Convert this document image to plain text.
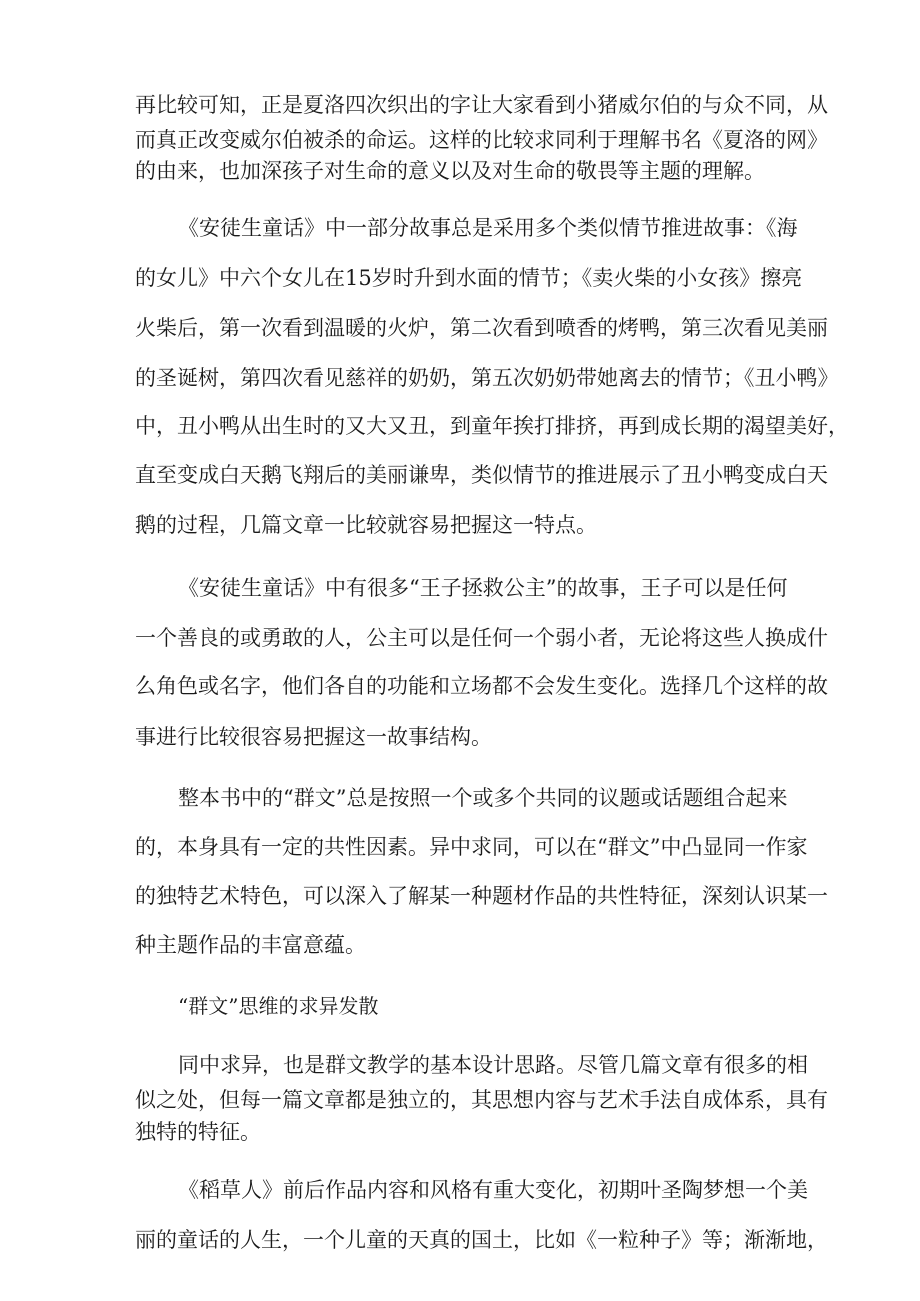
再比较可知，正是夏洛四次织出的字让大家看到小猪威尔伯的与众不同，从
而真正改变威尔伯被杀的命运。这样的比较求同利于理解书名《夏洛的网》
的由来，也加深孩子对生命的意义以及对生命的敬畏等主题的理解。
《安徒生童话》中一部分故事总是采用多个类似情节推进故事：《海
的女儿》中六个女儿在15岁时升到水面的情节；《卖火柴的小女孩》擦亮
火柴后，第一次看到温暖的火炉，第二次看到喷香的烤鸭，第三次看见美丽
的圣诞树，第四次看见慈祥的奶奶，第五次奶奶带她离去的情节；《丑小鸭》
中，丑小鸭从出生时的又大又丑，到童年挨打排挤，再到成长期的渴望美好，
直至变成白天鹅飞翔后的美丽谦卑，类似情节的推进展示了丑小鸭变成白天
鹅的过程，几篇文章一比较就容易把握这一特点。
《安徒生童话》中有很多“王子拯救公主”的故事，王子可以是任何
一个善良的或勇敢的人，公主可以是任何一个弱小者，无论将这些人换成什
么角色或名字，他们各自的功能和立场都不会发生变化。选择几个这样的故
事进行比较很容易把握这一故事结构。
整本书中的“群文”总是按照一个或多个共同的议题或话题组合起来
的，本身具有一定的共性因素。异中求同，可以在“群文”中凸显同一作家
的独特艺术特色，可以深入了解某一种题材作品的共性特征，深刻认识某一
种主题作品的丰富意蕴。
“群文”思维的求异发散
同中求异，也是群文教学的基本设计思路。尽管几篇文章有很多的相
似之处，但每一篇文章都是独立的，其思想内容与艺术手法自成体系，具有
独特的特征。
《稻草人》前后作品内容和风格有重大变化，初期叶圣陶梦想一个美
丽的童话的人生，一个儿童的天真的国土，比如《一粒种子》等；渐渐地，
